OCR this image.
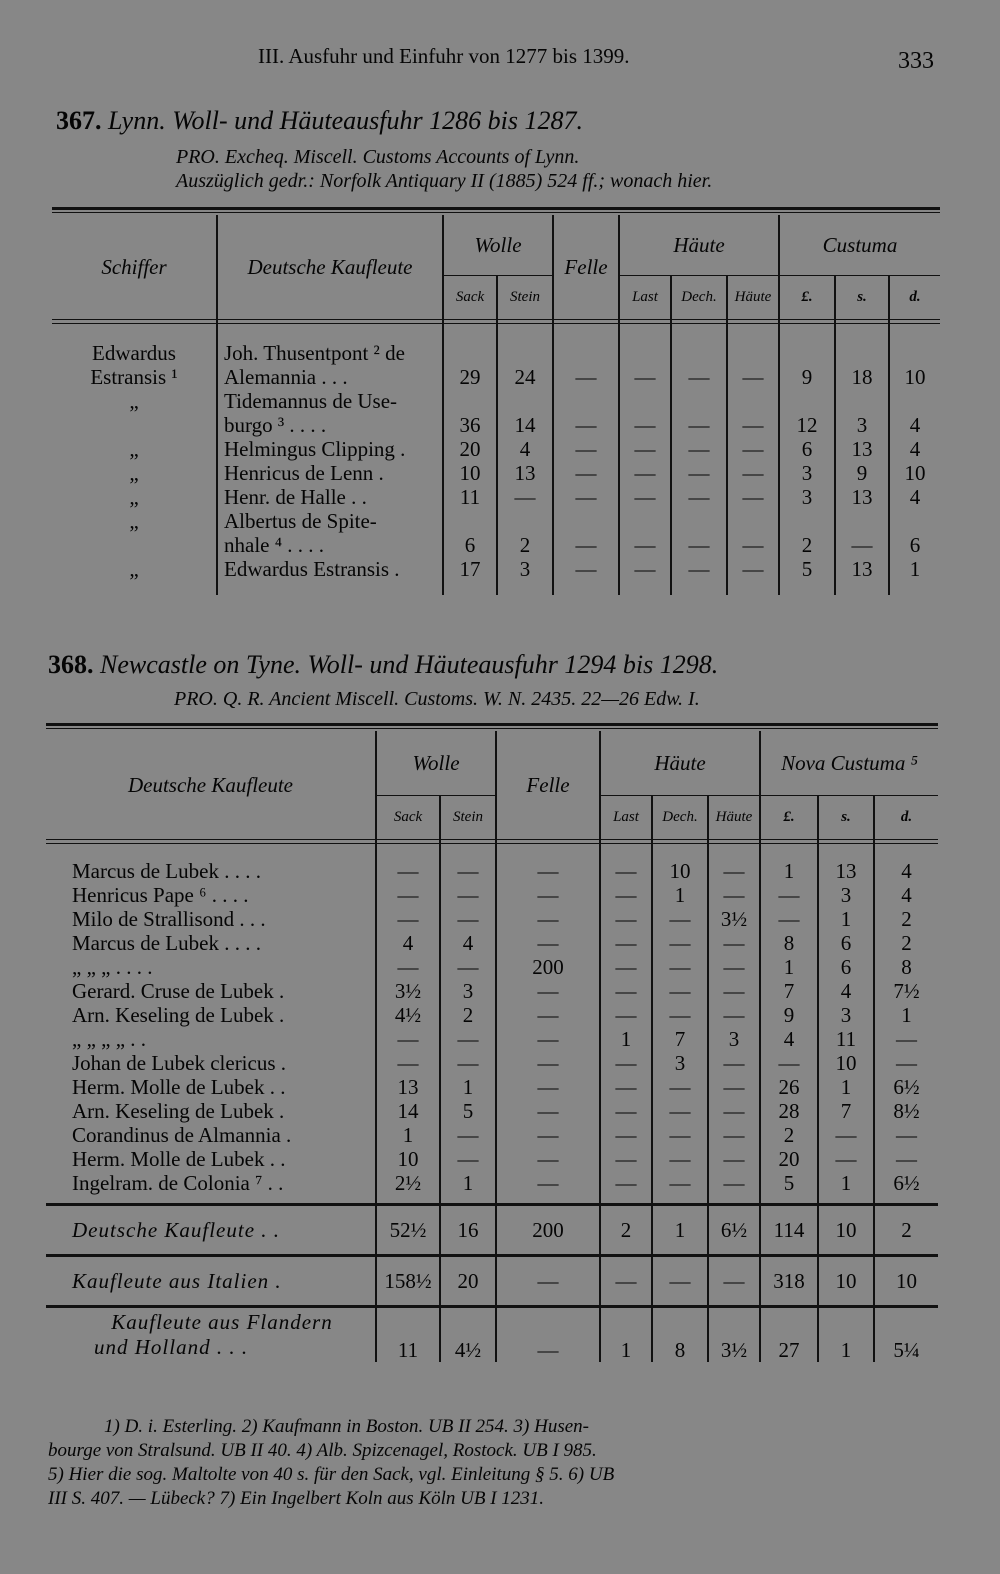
III. Ausfuhr und Einfuhr von 1277 bis 1399.	333
367. Lynn. Woll- und Häuteausfuhr 1286 bis 1287.
PRO. Excheq. Miscell. Customs Accounts of Lynn.
Auszüglich gedr.: Norfolk Antiquary II (1885) 524 ff.; wonach hier.
Schiffer	Deutsche Kaufleute	Wolle		Felle	Häute			Custuma		
		Sack	Stein		Last	Dech.	Häute	£.	s.	d.

Edwardus	Joh. Thusentpont ² de									
Estransis ¹	Alemannia . . .	29	24	—	—	—	—	9	18	10
„	Tidemannus de Use-									
	burgo ³ . . . .	36	14	—	—	—	—	12	3	4
„	Helmingus Clipping .	20	4	—	—	—	—	6	13	4
„	Henricus de Lenn .	10	13	—	—	—	—	3	9	10
„	Henr. de Halle . .	11	—	—	—	—	—	3	13	4
„	Albertus de Spite-									
	nhale ⁴ . . . .	6	2	—	—	—	—	2	—	6
„	Edwardus Estransis .	17	3	—	—	—	—	5	13	1

368. Newcastle on Tyne. Woll- und Häuteausfuhr 1294 bis 1298.
PRO. Q. R. Ancient Miscell. Customs. W. N. 2435. 22—26 Edw. I.
Deutsche Kaufleute	Wolle		Felle	Häute			Nova Custuma ⁵		
	Sack	Stein		Last	Dech.	Häute	£.	s.	d.

Marcus de Lubek . . . .	—	—	—	—	10	—	1	13	4
Henricus Pape ⁶ . . . .	—	—	—	—	1	—	—	3	4
Milo de Strallisond . . .	—	—	—	—	—	3½	—	1	2
Marcus de Lubek . . . .	4	4	—	—	—	—	8	6	2
„ „ „ . . . .	—	—	200	—	—	—	1	6	8
Gerard. Cruse de Lubek .	3½	3	—	—	—	—	7	4	7½
Arn. Keseling de Lubek .	4½	2	—	—	—	—	9	3	1
„ „ „ „ . .	—	—	—	1	7	3	4	11	—
Johan de Lubek clericus .	—	—	—	—	3	—	—	10	—
Herm. Molle de Lubek . .	13	1	—	—	—	—	26	1	6½
Arn. Keseling de Lubek .	14	5	—	—	—	—	28	7	8½
Corandinus de Almannia .	1	—	—	—	—	—	2	—	—
Herm. Molle de Lubek . .	10	—	—	—	—	—	20	—	—
Ingelram. de Colonia ⁷ . .	2½	1	—	—	—	—	5	1	6½

Deutsche Kaufleute . .	52½	16	200	2	1	6½	114	10	2
Kaufleute aus Italien .	158½	20	—	—	—	—	318	10	10

Kaufleute aus Flandern
und Holland . . .	11	4½	—	1	8	3½	27	1	5¼
1) D. i. Esterling. 2) Kaufmann in Boston. UB II 254. 3) Husen-
bourge von Stralsund. UB II 40. 4) Alb. Spizcenagel, Rostock. UB I 985.
5) Hier die sog. Maltolte von 40 s. für den Sack, vgl. Einleitung § 5. 6) UB
III S. 407. — Lübeck? 7) Ein Ingelbert Koln aus Köln UB I 1231.
